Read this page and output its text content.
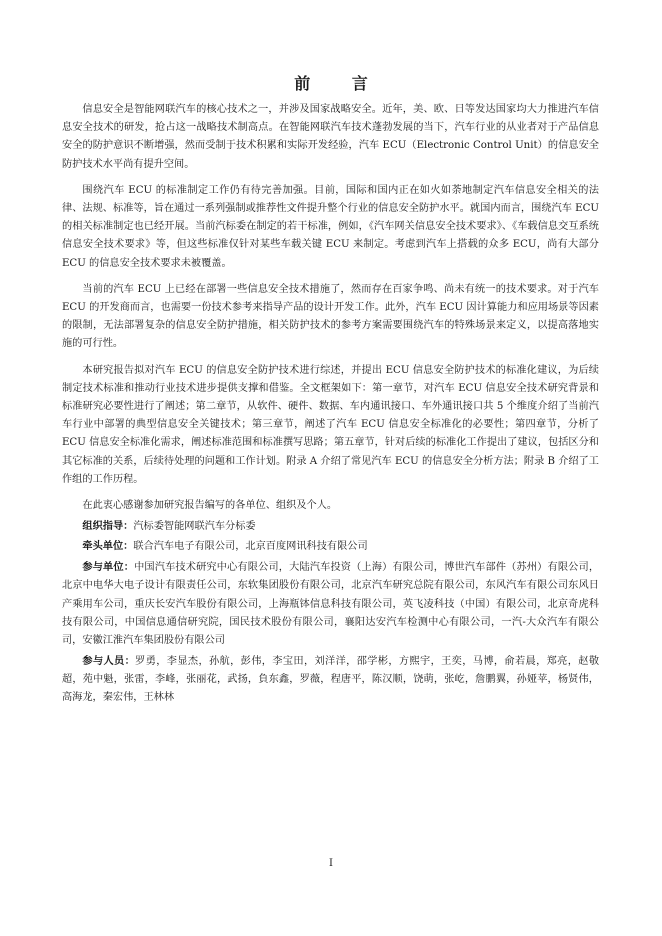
前 言

信息安全是智能网联汽车的核心技术之一，并涉及国家战略安全。近年，美、欧、日等发达国家均大力推进汽车信息安全技术的研发，抢占这一战略技术制高点。在智能网联汽车技术蓬勃发展的当下，汽车行业的从业者对于产品信息安全的防护意识不断增强，然而受制于技术积累和实际开发经验，汽车 ECU（Electronic Control Unit）的信息安全防护技术水平尚有提升空间。

围绕汽车 ECU 的标准制定工作仍有待完善加强。目前，国际和国内正在如火如荼地制定汽车信息安全相关的法律、法规、标准等，旨在通过一系列强制或推荐性文件提升整个行业的信息安全防护水平。就国内而言，围绕汽车 ECU 的相关标准制定也已经开展。当前汽标委在制定的若干标准，例如，《汽车网关信息安全技术要求》、《车载信息交互系统信息安全技术要求》等，但这些标准仅针对某些车载关键 ECU 来制定。考虑到汽车上搭载的众多 ECU，尚有大部分 ECU 的信息安全技术要求未被覆盖。

当前的汽车 ECU 上已经在部署一些信息安全技术措施了，然而存在百家争鸣、尚未有统一的技术要求。对于汽车 ECU 的开发商而言，也需要一份技术参考来指导产品的设计开发工作。此外，汽车 ECU 因计算能力和应用场景等因素的限制，无法部署复杂的信息安全防护措施，相关防护技术的参考方案需要围绕汽车的特殊场景来定义，以提高落地实施的可行性。

本研究报告拟对汽车 ECU 的信息安全防护技术进行综述，并提出 ECU 信息安全防护技术的标准化建议，为后续制定技术标准和推动行业技术进步提供支撑和借鉴。全文框架如下：第一章节，对汽车 ECU 信息安全技术研究背景和标准研究必要性进行了阐述；第二章节，从软件、硬件、数据、车内通讯接口、车外通讯接口共 5 个维度介绍了当前汽车行业中部署的典型信息安全关键技术；第三章节，阐述了汽车 ECU 信息安全标准化的必要性；第四章节，分析了 ECU 信息安全标准化需求，阐述标准范围和标准撰写思路；第五章节，针对后续的标准化工作提出了建议，包括区分和其它标准的关系，后续待处理的问题和工作计划。附录 A 介绍了常见汽车 ECU 的信息安全分析方法；附录 B 介绍了工作组的工作历程。

在此衷心感谢参加研究报告编写的各单位、组织及个人。

组织指导：汽标委智能网联汽车分标委

牵头单位：联合汽车电子有限公司，北京百度网讯科技有限公司

参与单位：中国汽车技术研究中心有限公司，大陆汽车投资（上海）有限公司，博世汽车部件（苏州）有限公司，北京中电华大电子设计有限责任公司，东软集团股份有限公司，北京汽车研究总院有限公司，东风汽车有限公司东风日产乘用车公司，重庆长安汽车股份有限公司，上海瓶钵信息科技有限公司，英飞凌科技（中国）有限公司，北京奇虎科技有限公司，中国信息通信研究院，国民技术股份有限公司，襄阳达安汽车检测中心有限公司，一汽-大众汽车有限公司，安徽江淮汽车集团股份有限公司

参与人员：罗勇，李显杰，孙航，彭伟，李宝田，刘洋洋，邵学彬，方熙宇，王奕，马博，俞若晨，郑亮，赵敬超，苑中魁，张雷，李峰，张丽花，武扬，負东鑫，罗薇，程唐平，陈汉顺，饶萌，张屹，詹鹏翼，孙娅苹，杨贤伟，高海龙，秦宏伟，王林林

I
